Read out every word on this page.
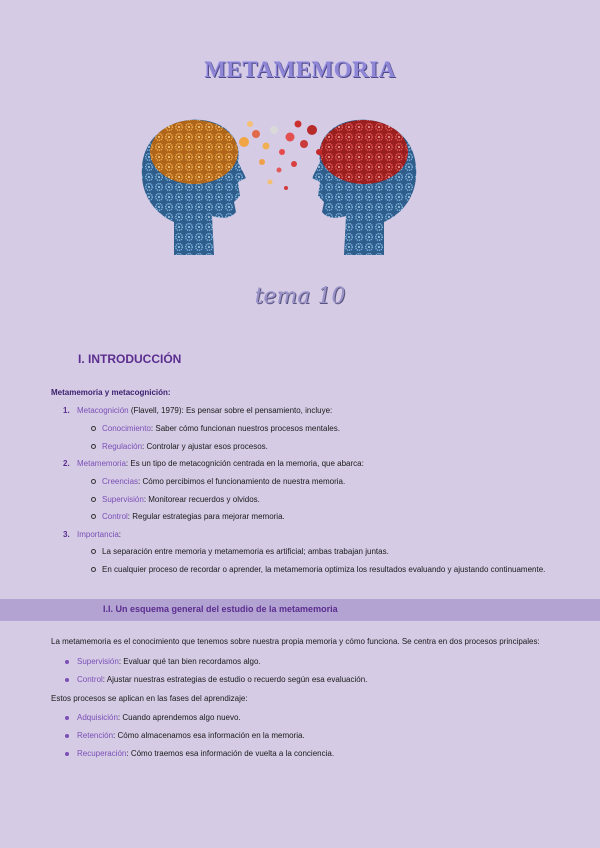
METAMEMORIA
tema 10
I. INTRODUCCIÓN
Metamemoria y metacognición:
1. Metacognición (Flavell, 1979): Es pensar sobre el pensamiento, incluye:
Conocimiento: Saber cómo funcionan nuestros procesos mentales.
Regulación: Controlar y ajustar esos procesos.
2. Metamemoria: Es un tipo de metacognición centrada en la memoria, que abarca:
Creencias: Cómo percibimos el funcionamiento de nuestra memoria.
Supervisión: Monitorear recuerdos y olvidos.
Control: Regular estrategias para mejorar memoria.
3. Importancia:
La separación entre memoria y metamemoria es artificial; ambas trabajan juntas.
En cualquier proceso de recordar o aprender, la metamemoria optimiza los resultados evaluando y ajustando continuamente.
I.I. Un esquema general del estudio de la metamemoria
La metamemoria es el conocimiento que tenemos sobre nuestra propia memoria y cómo funciona. Se centra en dos procesos principales:
Supervisión: Evaluar qué tan bien recordamos algo.
Control: Ajustar nuestras estrategias de estudio o recuerdo según esa evaluación.
Estos procesos se aplican en las fases del aprendizaje:
Adquisición: Cuando aprendemos algo nuevo.
Retención: Cómo almacenamos esa información en la memoria.
Recuperación: Cómo traemos esa información de vuelta a la conciencia.
